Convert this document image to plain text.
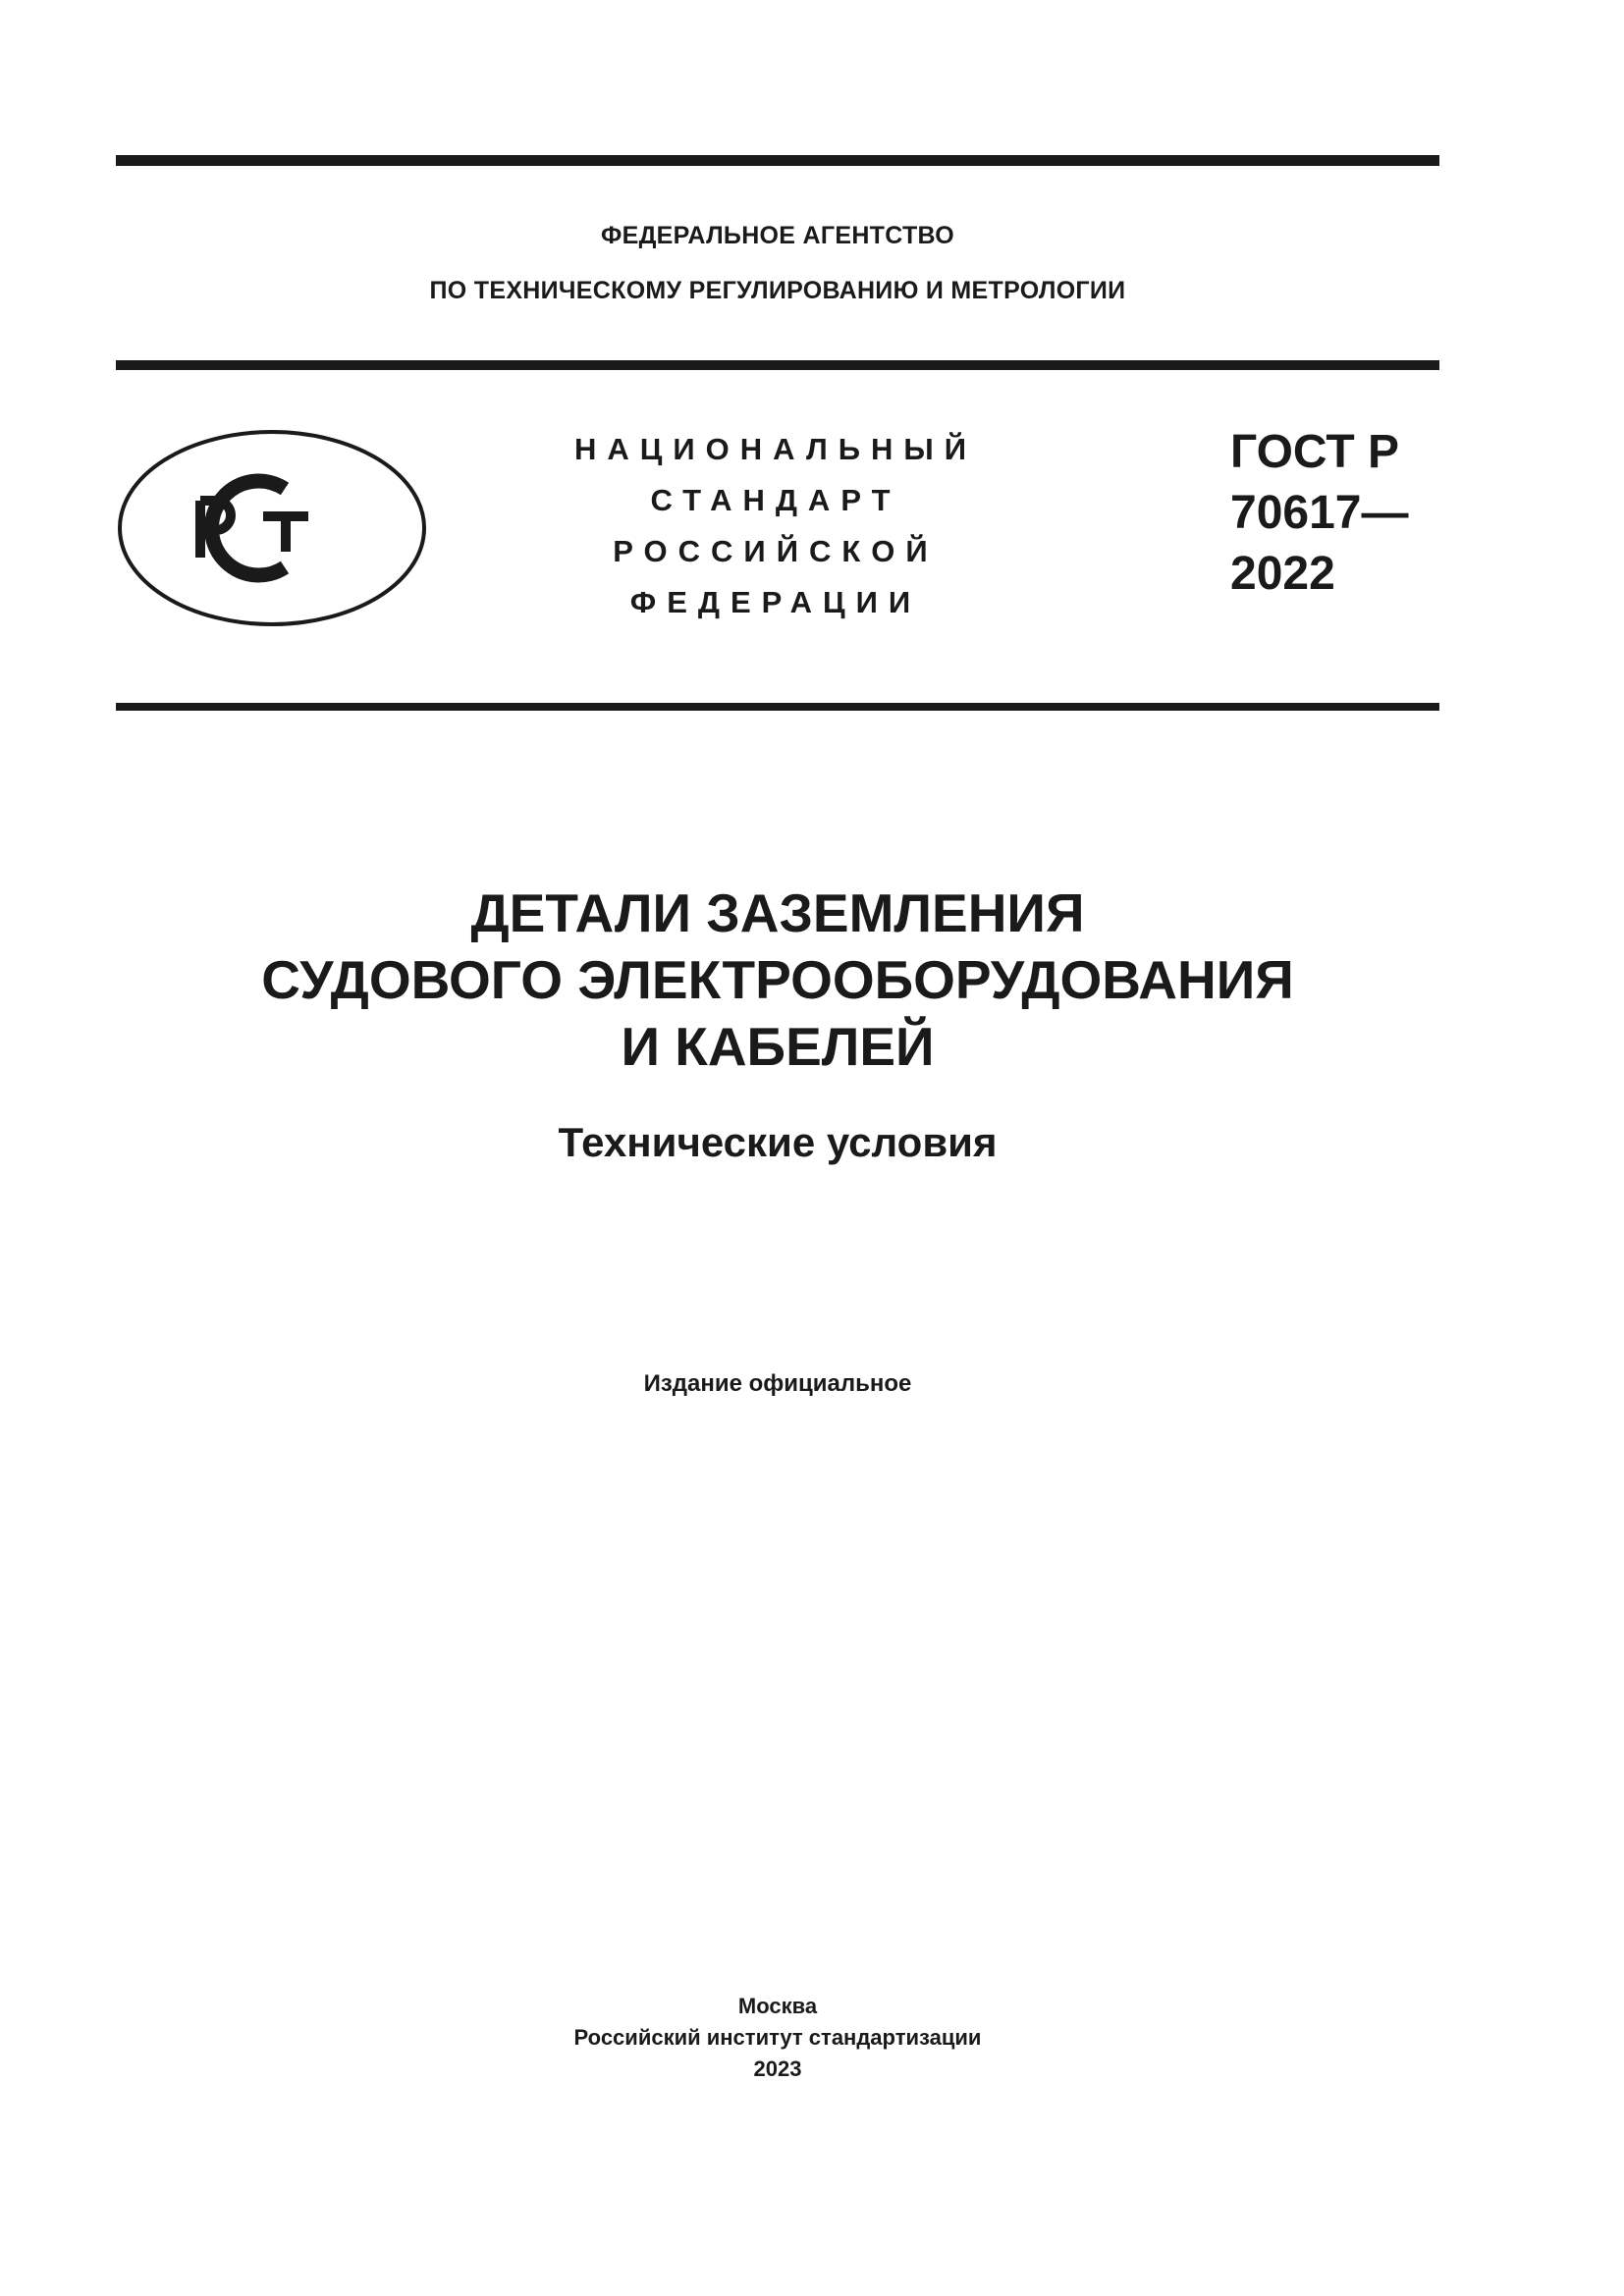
ФЕДЕРАЛЬНОЕ АГЕНТСТВО
ПО ТЕХНИЧЕСКОМУ РЕГУЛИРОВАНИЮ И МЕТРОЛОГИИ
НАЦИОНАЛЬНЫЙ
СТАНДАРТ
РОССИЙСКОЙ
ФЕДЕРАЦИИ
ГОСТ Р
70617—
2022
ДЕТАЛИ ЗАЗЕМЛЕНИЯ
СУДОВОГО ЭЛЕКТРООБОРУДОВАНИЯ
И КАБЕЛЕЙ
Технические условия
Издание официальное
Москва
Российский институт стандартизации
2023
